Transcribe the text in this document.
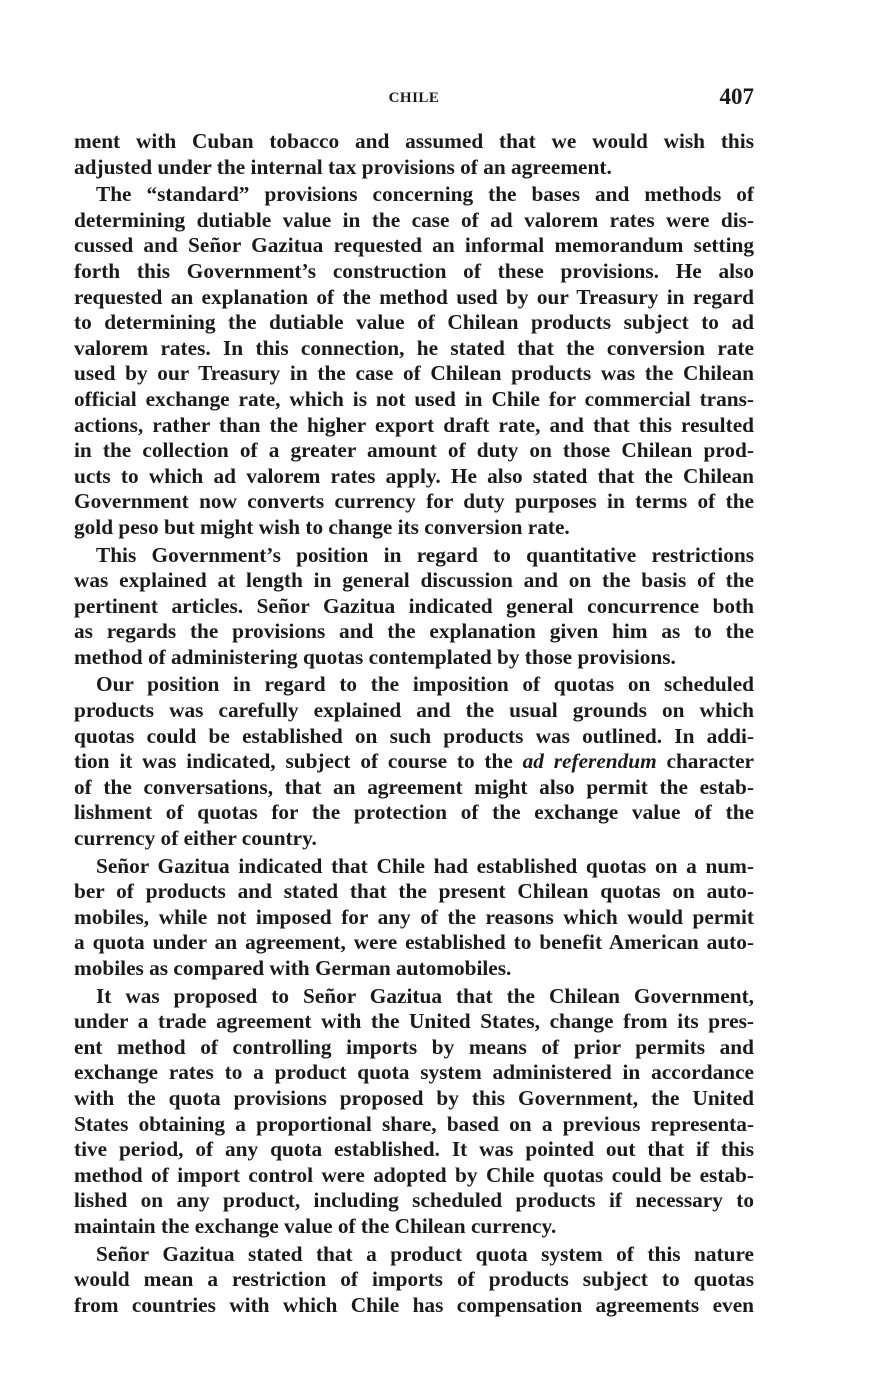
CHILE	407
ment with Cuban tobacco and assumed that we would wish this
adjusted under the internal tax provisions of an agreement.
The “standard” provisions concerning the bases and methods of
determining dutiable value in the case of ad valorem rates were dis-
cussed and Señor Gazitua requested an informal memorandum setting
forth this Government’s construction of these provisions. He also
requested an explanation of the method used by our Treasury in regard
to determining the dutiable value of Chilean products subject to ad
valorem rates. In this connection, he stated that the conversion rate
used by our Treasury in the case of Chilean products was the Chilean
official exchange rate, which is not used in Chile for commercial trans-
actions, rather than the higher export draft rate, and that this resulted
in the collection of a greater amount of duty on those Chilean prod-
ucts to which ad valorem rates apply. He also stated that the Chilean
Government now converts currency for duty purposes in terms of the
gold peso but might wish to change its conversion rate.
This Government’s position in regard to quantitative restrictions
was explained at length in general discussion and on the basis of the
pertinent articles. Señor Gazitua indicated general concurrence both
as regards the provisions and the explanation given him as to the
method of administering quotas contemplated by those provisions.
Our position in regard to the imposition of quotas on scheduled
products was carefully explained and the usual grounds on which
quotas could be established on such products was outlined. In addi-
tion it was indicated, subject of course to the ad referendum character
of the conversations, that an agreement might also permit the estab-
lishment of quotas for the protection of the exchange value of the
currency of either country.
Señor Gazitua indicated that Chile had established quotas on a num-
ber of products and stated that the present Chilean quotas on auto-
mobiles, while not imposed for any of the reasons which would permit
a quota under an agreement, were established to benefit American auto-
mobiles as compared with German automobiles.
It was proposed to Señor Gazitua that the Chilean Government,
under a trade agreement with the United States, change from its pres-
ent method of controlling imports by means of prior permits and
exchange rates to a product quota system administered in accordance
with the quota provisions proposed by this Government, the United
States obtaining a proportional share, based on a previous representa-
tive period, of any quota established. It was pointed out that if this
method of import control were adopted by Chile quotas could be estab-
lished on any product, including scheduled products if necessary to
maintain the exchange value of the Chilean currency.
Señor Gazitua stated that a product quota system of this nature
would mean a restriction of imports of products subject to quotas
from countries with which Chile has compensation agreements even
